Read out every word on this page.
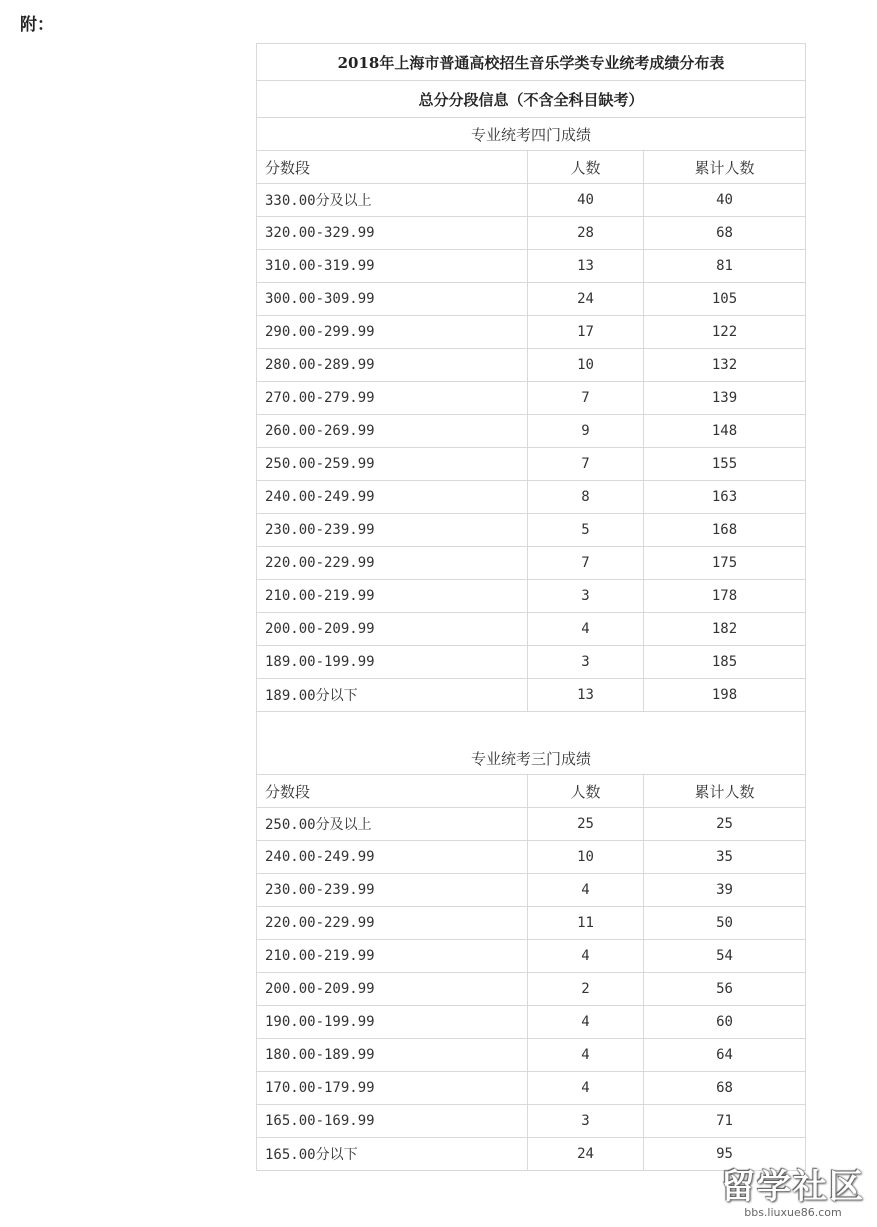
附：
2018年上海市普通高校招生音乐学类专业统考成绩分布表		
总分分段信息（不含全科目缺考）		
专业统考四门成绩		
分数段	人数	累计人数
330.00分及以上	40	40
320.00-329.99	28	68
310.00-319.99	13	81
300.00-309.99	24	105
290.00-299.99	17	122
280.00-289.99	10	132
270.00-279.99	7	139
260.00-269.99	9	148
250.00-259.99	7	155
240.00-249.99	8	163
230.00-239.99	5	168
220.00-229.99	7	175
210.00-219.99	3	178
200.00-209.99	4	182
189.00-199.99	3	185
189.00分以下	13	198

专业统考三门成绩		
分数段	人数	累计人数
250.00分及以上	25	25
240.00-249.99	10	35
230.00-239.99	4	39
220.00-229.99	11	50
210.00-219.99	4	54
200.00-209.99	2	56
190.00-199.99	4	60
180.00-189.99	4	64
170.00-179.99	4	68
165.00-169.99	3	71
165.00分以下	24	95
留学社区
bbs.liuxue86.com
